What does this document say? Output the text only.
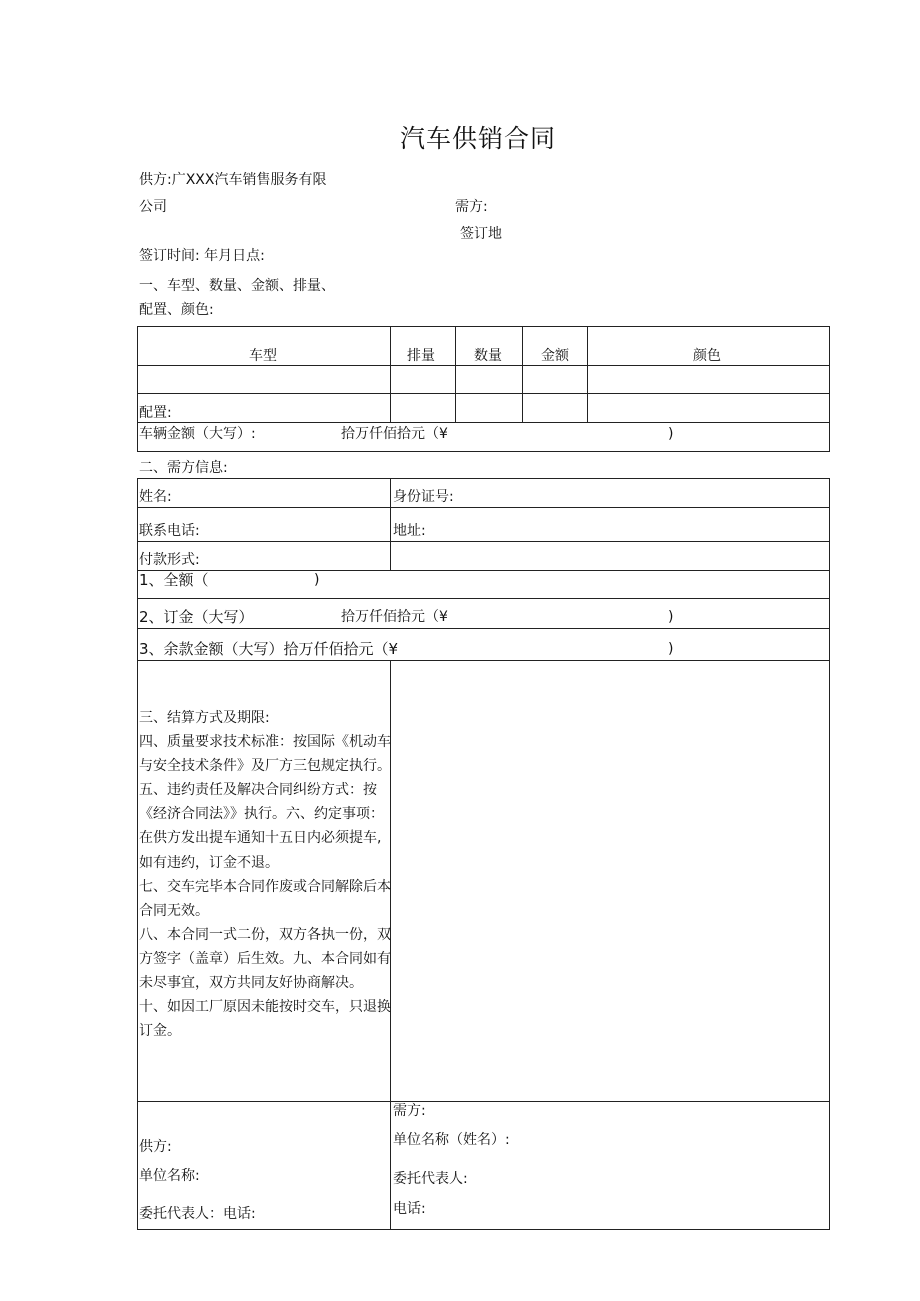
汽车供销合同
供方:广XXX汽车销售服务有限
公司	需方:
签订地
签订时间: 年月日点:
一、车型、数量、金额、排量、
配置、颜色:
车型	排量	数量	金额	颜色
配置:
车辆金额（大写）:	拾万仟佰拾元（¥	)
二、需方信息:
姓名:	身份证号:
联系电话:	地址:
付款形式:
1、全额（	)
2、订金（大写）	拾万仟佰拾元（¥	)
3、余款金额（大写）拾万仟佰拾元（¥	)

三、结算方式及期限:

四、质量要求技术标准：按国际《机动车与安全技术条件》及厂方三包规定执行。

五、违约责任及解决合同纠纷方式：按《经济合同法》》执行。六、约定事项：在供方发出提车通知十五日内必须提车,如有违约，订金不退。

七、交车完毕本合同作废或合同解除后本合同无效。

八、本合同一式二份，双方各执一份，双方签字（盖章）后生效。九、本合同如有未尽事宜，双方共同友好协商解决。

十、如因工厂原因未能按时交车，只退换订金。

供方:
单位名称:
委托代表人：电话:
需方:
单位名称（姓名）:
委托代表人:
电话:
